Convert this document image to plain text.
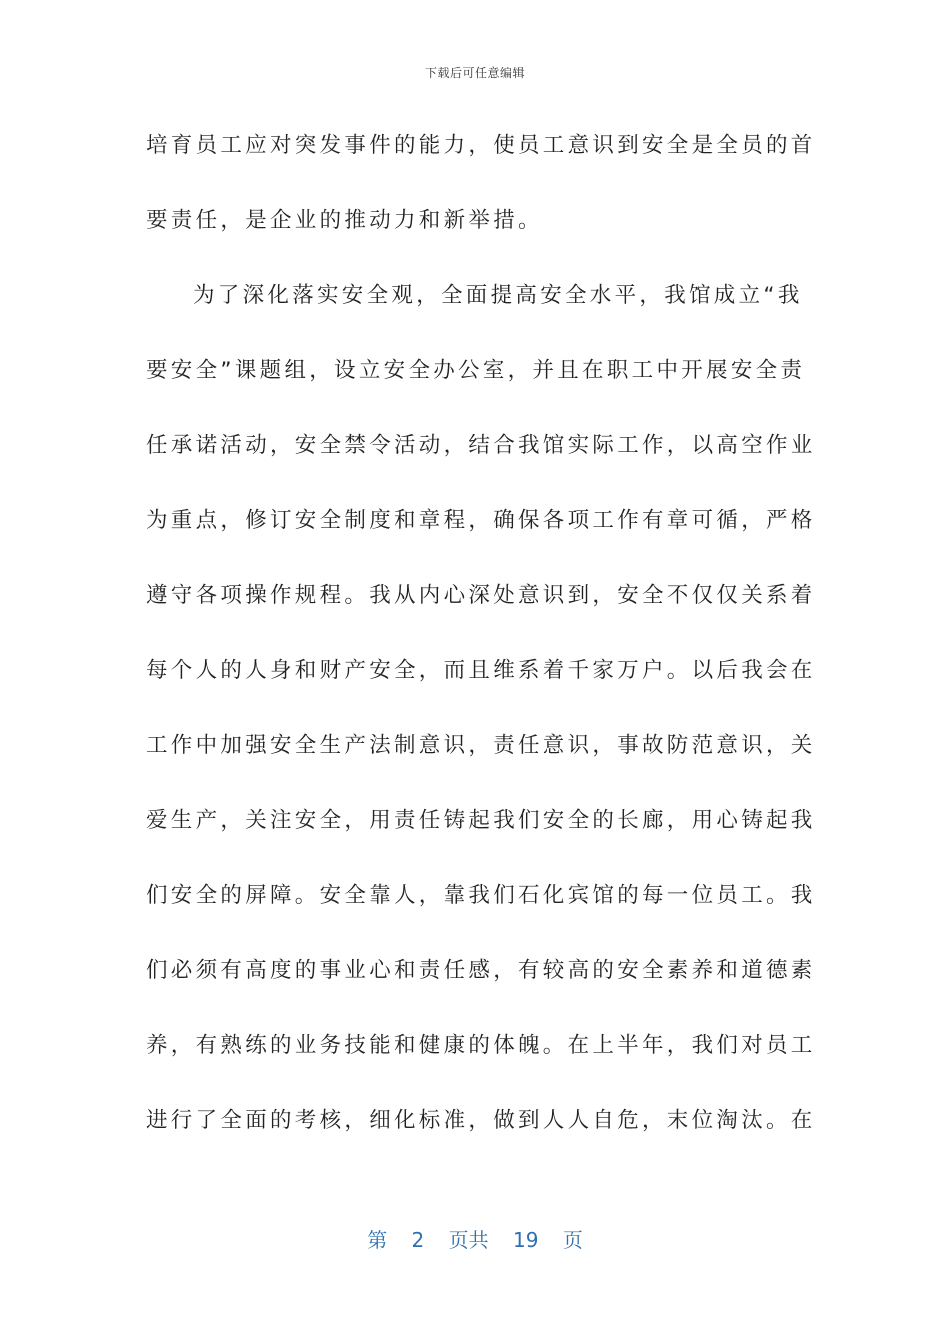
下载后可任意编辑
培育员工应对突发事件的能力，使员工意识到安全是全员的首
要责任，是企业的推动力和新举措。
为了深化落实安全观，全面提高安全水平，我馆成立“我
要安全”课题组，设立安全办公室，并且在职工中开展安全责
任承诺活动，安全禁令活动，结合我馆实际工作，以高空作业
为重点，修订安全制度和章程，确保各项工作有章可循，严格
遵守各项操作规程。我从内心深处意识到，安全不仅仅关系着
每个人的人身和财产安全，而且维系着千家万户。以后我会在
工作中加强安全生产法制意识，责任意识，事故防范意识，关
爱生产，关注安全，用责任铸起我们安全的长廊，用心铸起我
们安全的屏障。安全靠人，靠我们石化宾馆的每一位员工。我
们必须有高度的事业心和责任感，有较高的安全素养和道德素
养，有熟练的业务技能和健康的体魄。在上半年，我们对员工
进行了全面的考核，细化标准，做到人人自危，末位淘汰。在
第 2 页共 19 页
